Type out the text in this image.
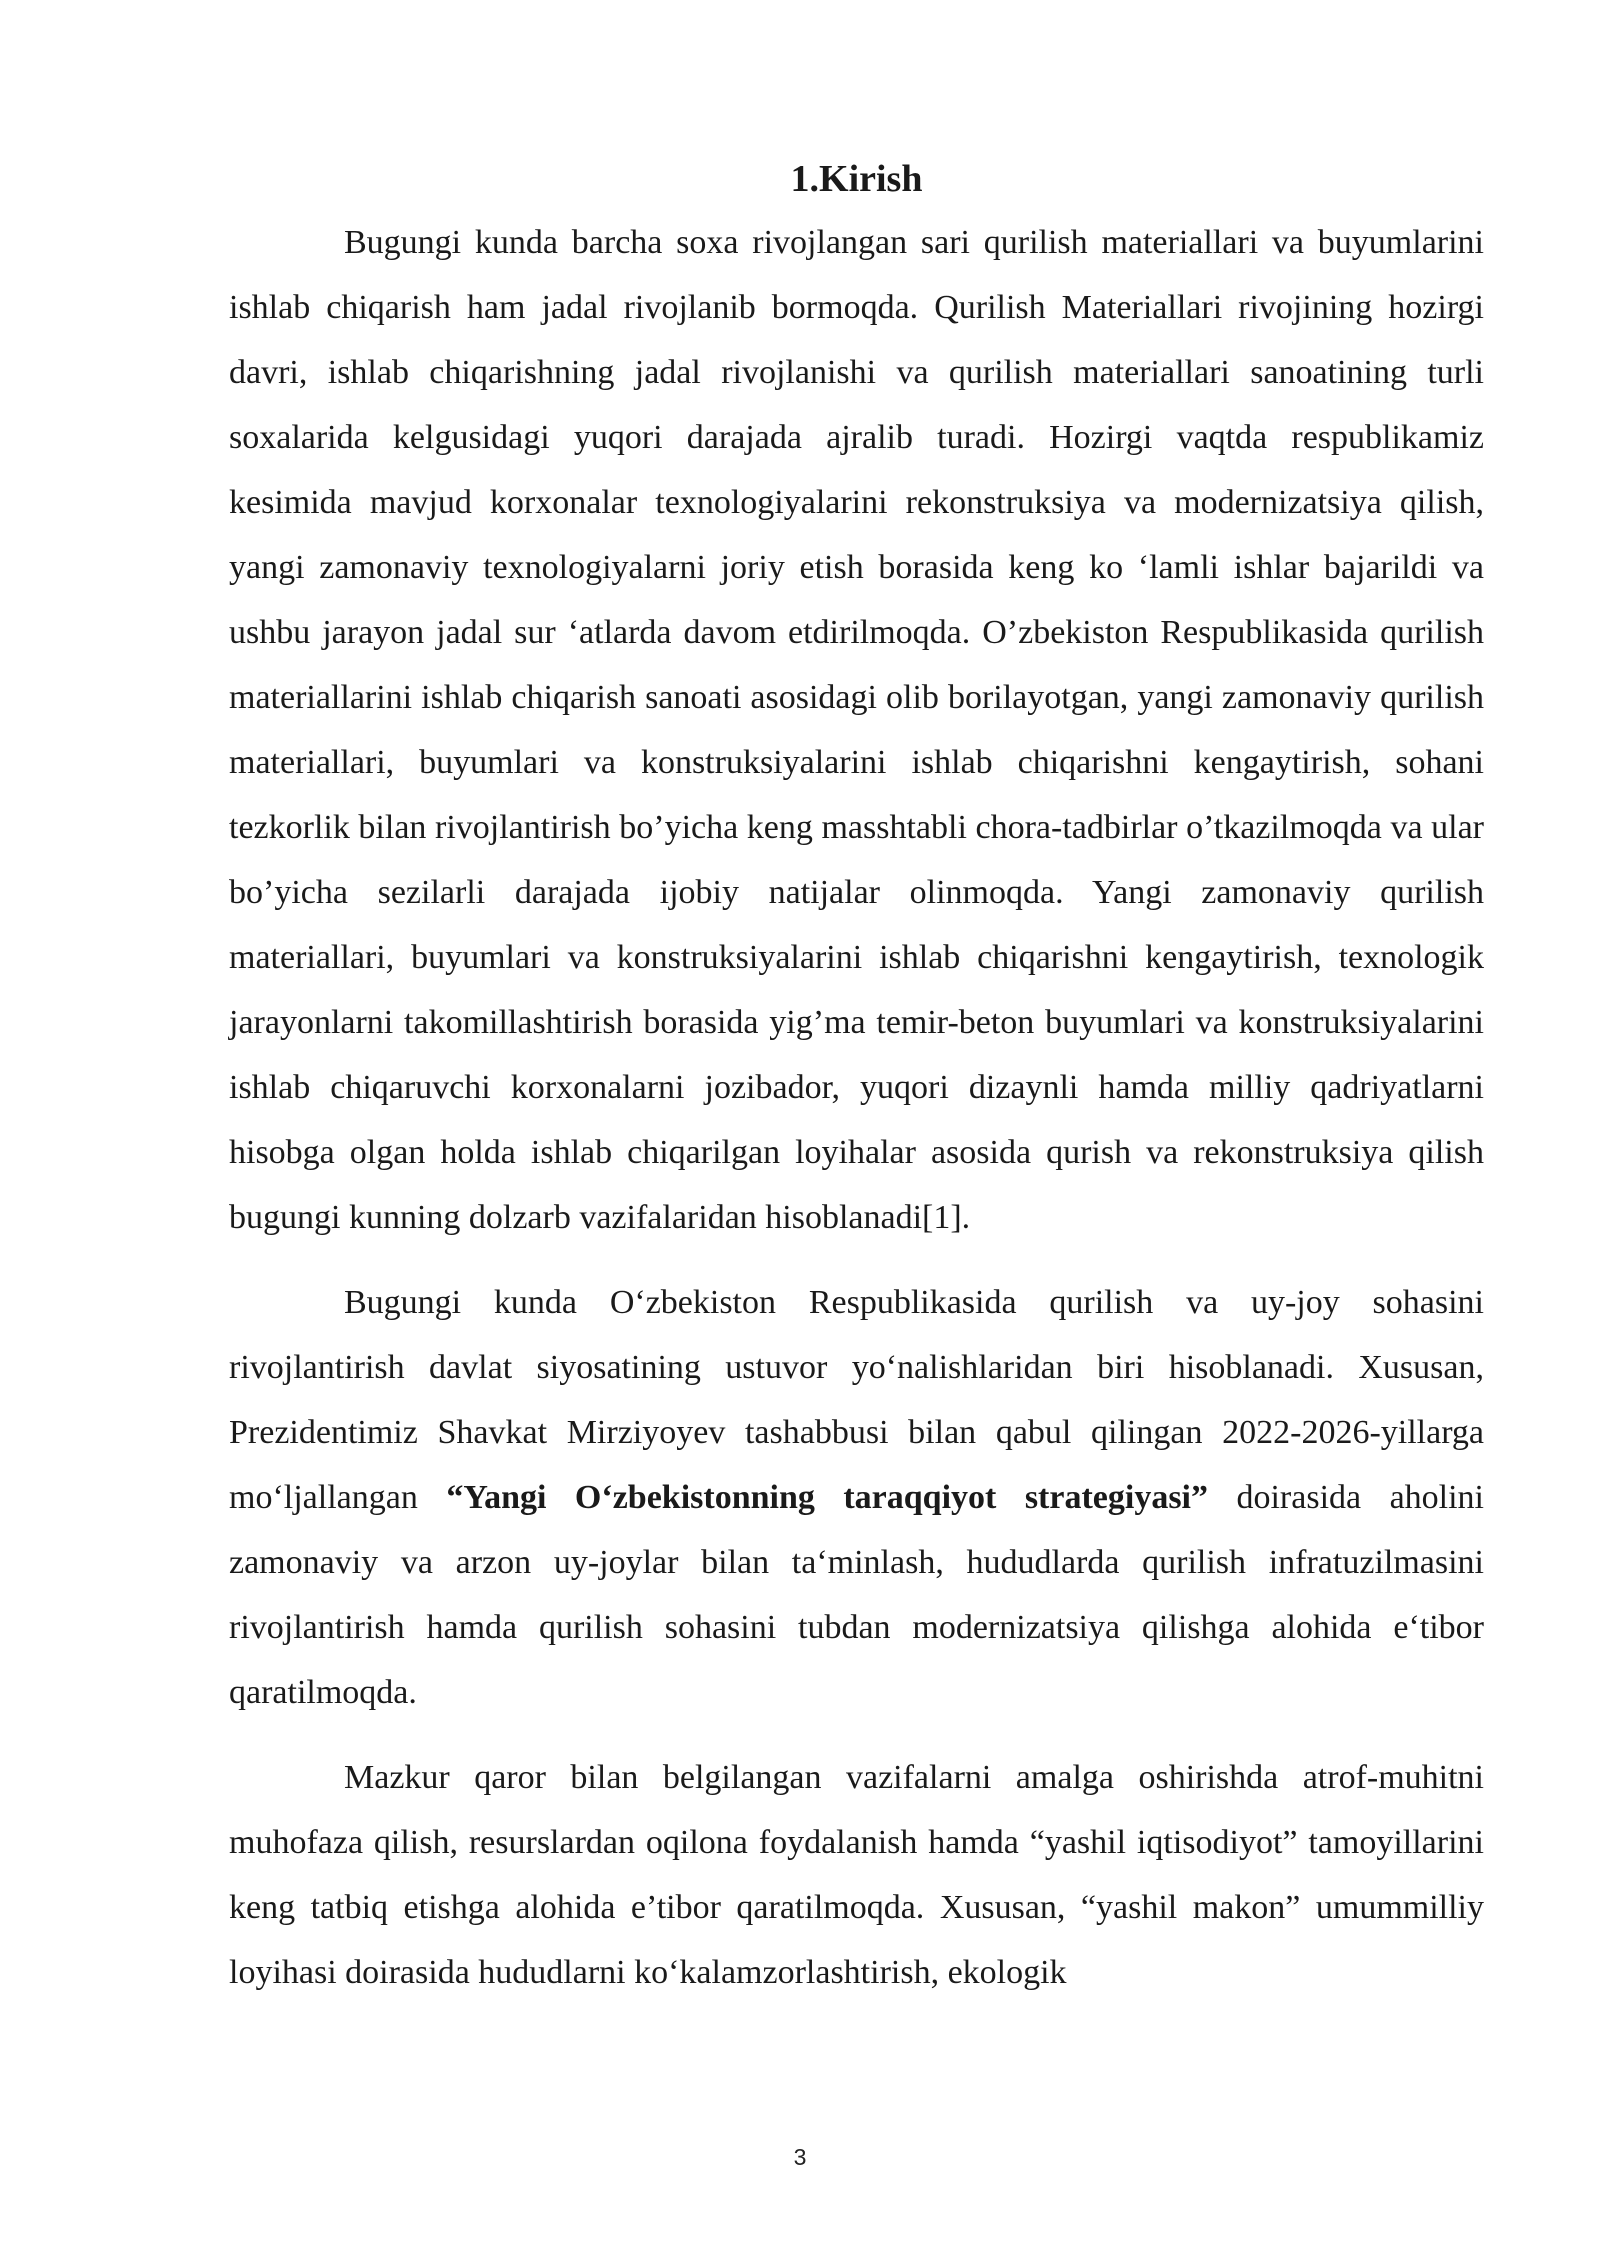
1.Kirish

Bugungi kunda barcha soxa rivojlangan sari qurilish materiallari va buyumlarini ishlab chiqarish ham jadal rivojlanib bormoqda. Qurilish Materiallari rivojining hozirgi davri, ishlab chiqarishning jadal rivojlanishi va qurilish materiallari sanoatining turli soxalarida kelgusidagi yuqori darajada ajralib turadi. Hozirgi vaqtda respublikamiz kesimida mavjud korxonalar texnologiyalarini rekonstruksiya va modernizatsiya qilish, yangi zamonaviy texnologiyalarni joriy etish borasida keng ko ‘lamli ishlar bajarildi va ushbu jarayon jadal sur ‘atlarda davom etdirilmoqda. O’zbekiston Respublikasida qurilish materiallarini ishlab chiqarish sanoati asosidagi olib borilayotgan, yangi zamonaviy qurilish materiallari, buyumlari va konstruksiyalarini ishlab chiqarishni kengaytirish, sohani tezkorlik bilan rivojlantirish bo’yicha keng masshtabli chora-tadbirlar o’tkazilmoqda va ular bo’yicha sezilarli darajada ijobiy natijalar olinmoqda. Yangi zamonaviy qurilish materiallari, buyumlari va konstruksiyalarini ishlab chiqarishni kengaytirish, texnologik jarayonlarni takomillashtirish borasida yig’ma temir-beton buyumlari va konstruksiyalarini ishlab chiqaruvchi korxonalarni jozibador, yuqori dizaynli hamda milliy qadriyatlarni hisobga olgan holda ishlab chiqarilgan loyihalar asosida qurish va rekonstruksiya qilish bugungi kunning dolzarb vazifalaridan hisoblanadi[1].

Bugungi kunda O‘zbekiston Respublikasida qurilish va uy-joy sohasini rivojlantirish davlat siyosatining ustuvor yo‘nalishlaridan biri hisoblanadi. Xususan, Prezidentimiz Shavkat Mirziyoyev tashabbusi bilan qabul qilingan 2022-2026-yillarga mo‘ljallangan “Yangi O‘zbekistonning taraqqiyot strategiyasi” doirasida aholini zamonaviy va arzon uy-joylar bilan ta‘minlash, hududlarda qurilish infratuzilmasini rivojlantirish hamda qurilish sohasini tubdan modernizatsiya qilishga alohida e‘tibor qaratilmoqda.

Mazkur qaror bilan belgilangan vazifalarni amalga oshirishda atrof-muhitni muhofaza qilish, resurslardan oqilona foydalanish hamda “yashil iqtisodiyot” tamoyillarini keng tatbiq etishga alohida e’tibor qaratilmoqda. Xususan, “yashil makon” umummilliy loyihasi doirasida hududlarni ko‘kalamzorlashtirish, ekologik

3
